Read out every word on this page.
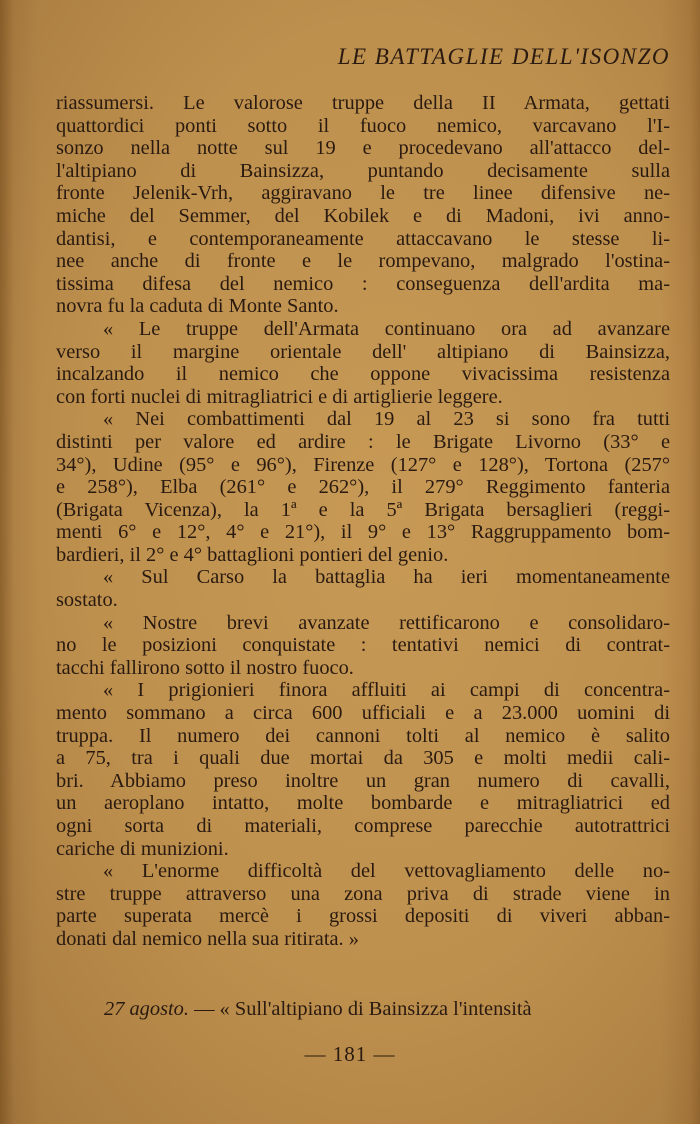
LE BATTAGLIE DELL'ISONZO
riassumersi. Le valorose truppe della II Armata, gettati
quattordici ponti sotto il fuoco nemico, varcavano l'I-
sonzo nella notte sul 19 e procedevano all'attacco del-
l'altipiano di Bainsizza, puntando decisamente sulla
fronte Jelenik-Vrh, aggiravano le tre linee difensive ne-
miche del Semmer, del Kobilek e di Madoni, ivi anno-
dantisi, e contemporaneamente attaccavano le stesse li-
nee anche di fronte e le rompevano, malgrado l'ostina-
tissima difesa del nemico : conseguenza dell'ardita ma-
novra fu la caduta di Monte Santo.
« Le truppe dell'Armata continuano ora ad avanzare
verso il margine orientale dell' altipiano di Bainsizza,
incalzando il nemico che oppone vivacissima resistenza
con forti nuclei di mitragliatrici e di artiglierie leggere.
« Nei combattimenti dal 19 al 23 si sono fra tutti
distinti per valore ed ardire : le Brigate Livorno (33° e
34°), Udine (95° e 96°), Firenze (127° e 128°), Tortona (257°
e 258°), Elba (261° e 262°), il 279° Reggimento fanteria
(Brigata Vicenza), la 1ª e la 5ª Brigata bersaglieri (reggi-
menti 6° e 12°, 4° e 21°), il 9° e 13° Raggruppamento bom-
bardieri, il 2° e 4° battaglioni pontieri del genio.
« Sul Carso la battaglia ha ieri momentaneamente
sostato.
« Nostre brevi avanzate rettificarono e consolidaro-
no le posizioni conquistate : tentativi nemici di contrat-
tacchi fallirono sotto il nostro fuoco.
« I prigionieri finora affluiti ai campi di concentra-
mento sommano a circa 600 ufficiali e a 23.000 uomini di
truppa. Il numero dei cannoni tolti al nemico è salito
a 75, tra i quali due mortai da 305 e molti medii cali-
bri. Abbiamo preso inoltre un gran numero di cavalli,
un aeroplano intatto, molte bombarde e mitragliatrici ed
ogni sorta di materiali, comprese parecchie autotrattrici
cariche di munizioni.
« L'enorme difficoltà del vettovagliamento delle no-
stre truppe attraverso una zona priva di strade viene in
parte superata mercè i grossi depositi di viveri abban-
donati dal nemico nella sua ritirata. »
27 agosto. — « Sull'altipiano di Bainsizza l'intensità
— 181 —
